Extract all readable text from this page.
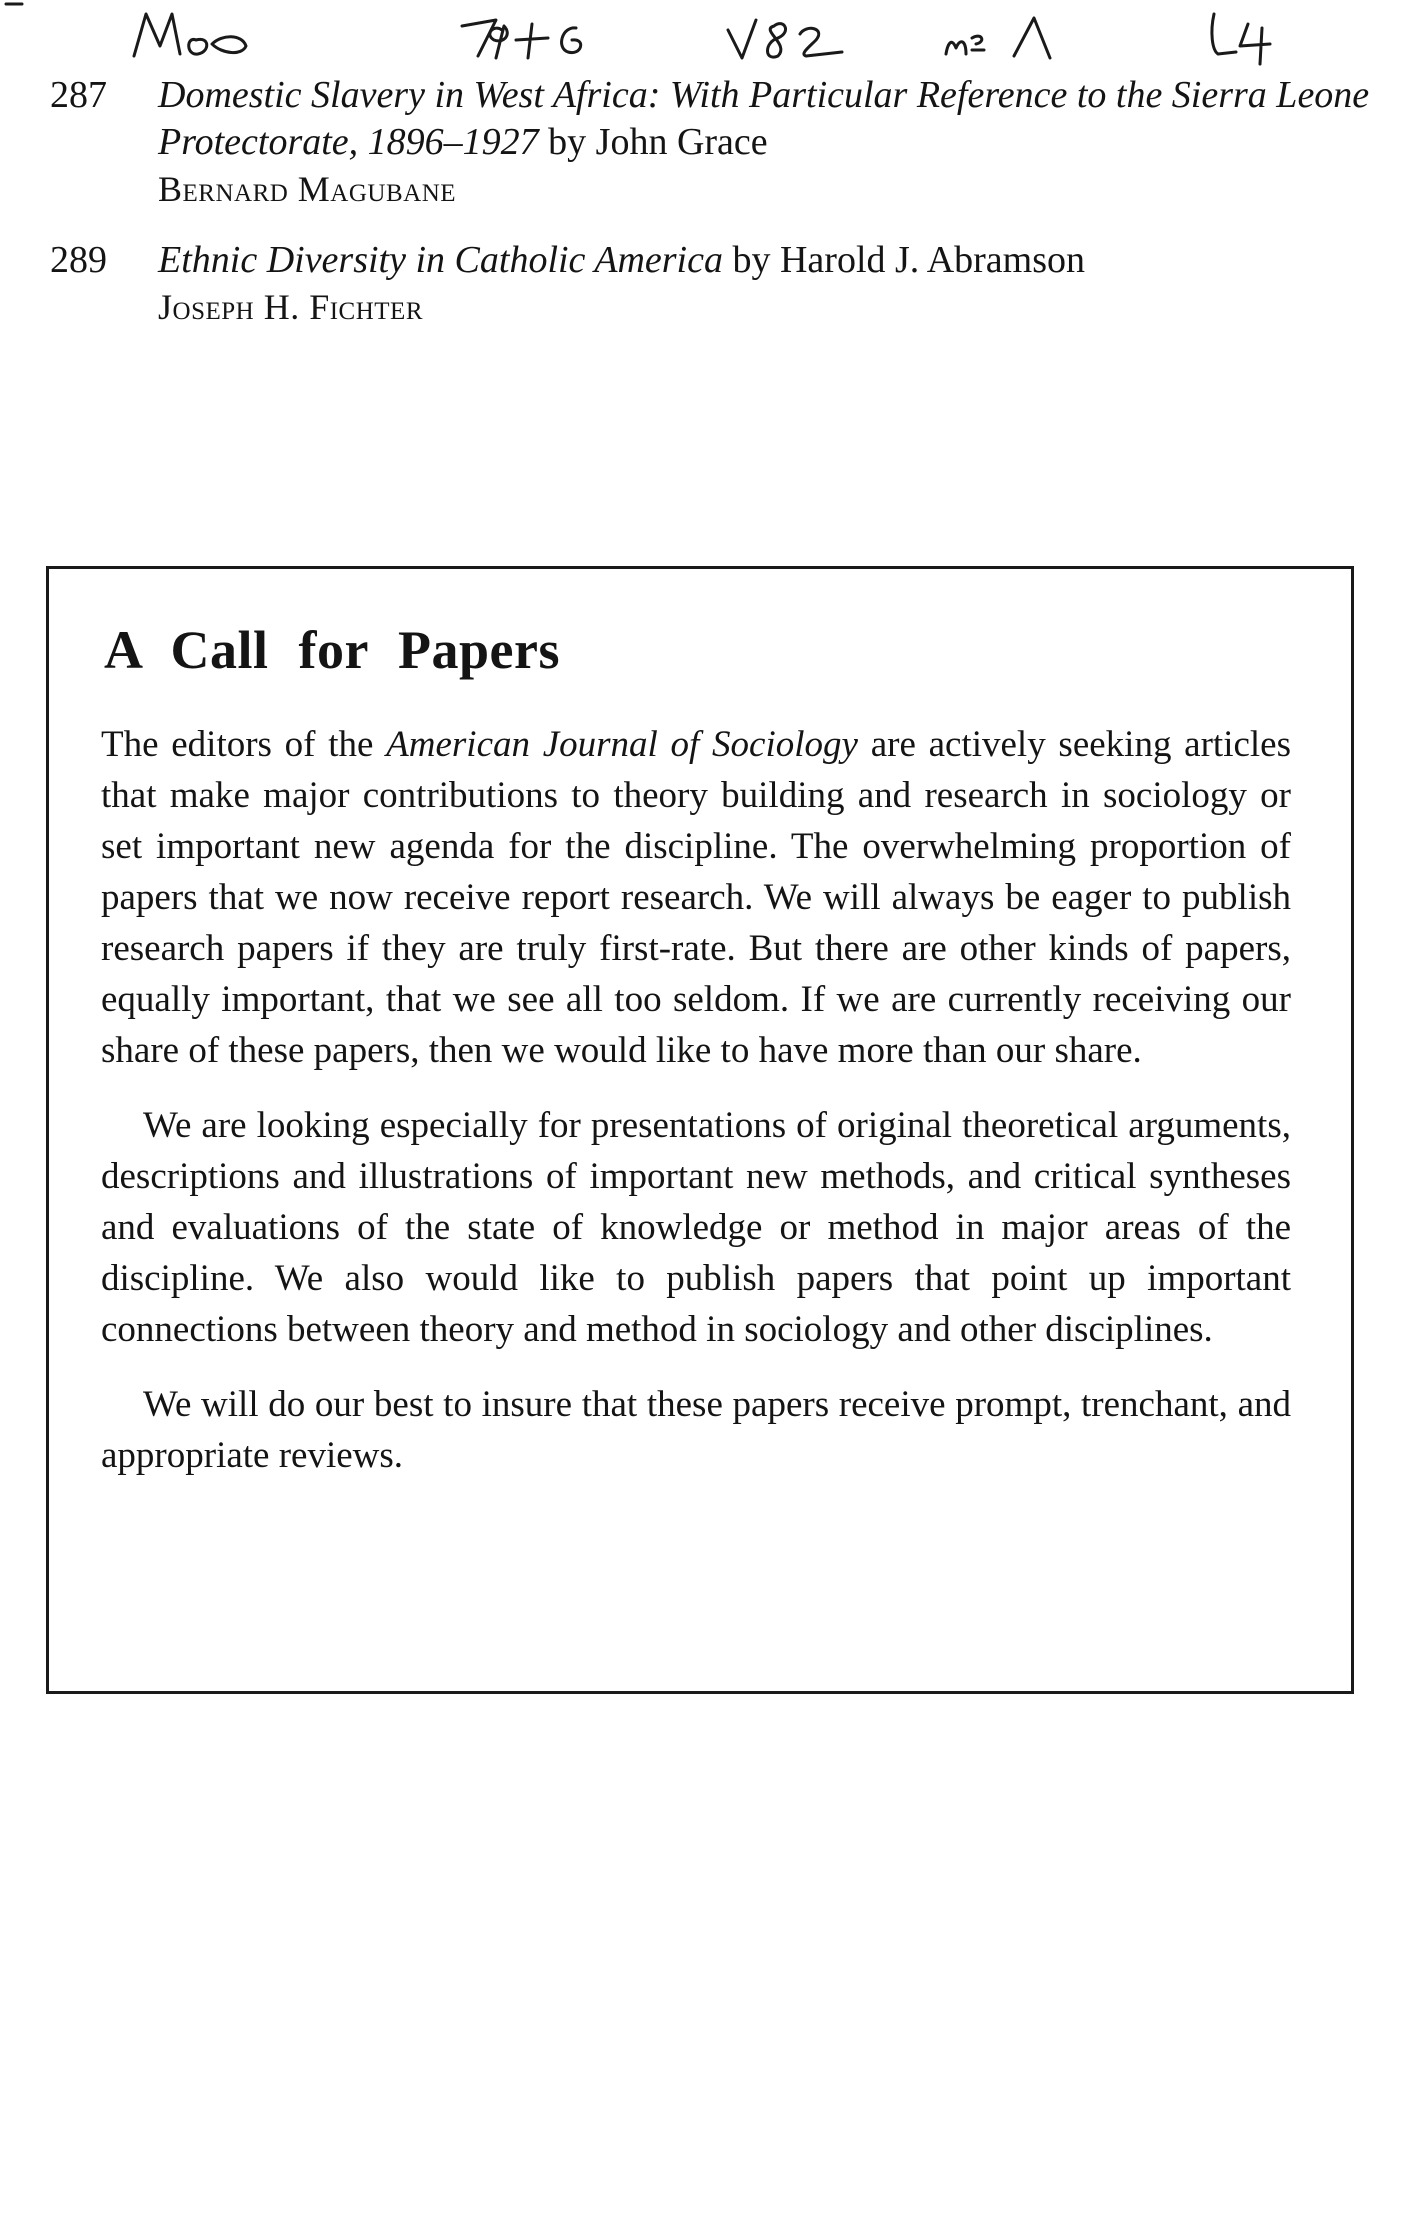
287 Domestic Slavery in West Africa: With Particular Reference to the Sierra Leone Protectorate, 1896–1927 by John Grace
Bernard Magubane
289 Ethnic Diversity in Catholic America by Harold J. Abramson
Joseph H. Fichter
A Call for Papers

The editors of the American Journal of Sociology are actively seeking articles that make major contributions to theory building and research in sociology or set important new agenda for the discipline. The overwhelming proportion of papers that we now receive report research. We will always be eager to publish research papers if they are truly first-rate. But there are other kinds of papers, equally important, that we see all too seldom. If we are currently receiving our share of these papers, then we would like to have more than our share.

We are looking especially for presentations of original theoretical arguments, descriptions and illustrations of important new methods, and critical syntheses and evaluations of the state of knowledge or method in major areas of the discipline. We also would like to publish papers that point up important connections between theory and method in sociology and other disciplines.

We will do our best to insure that these papers receive prompt, trenchant, and appropriate reviews.
